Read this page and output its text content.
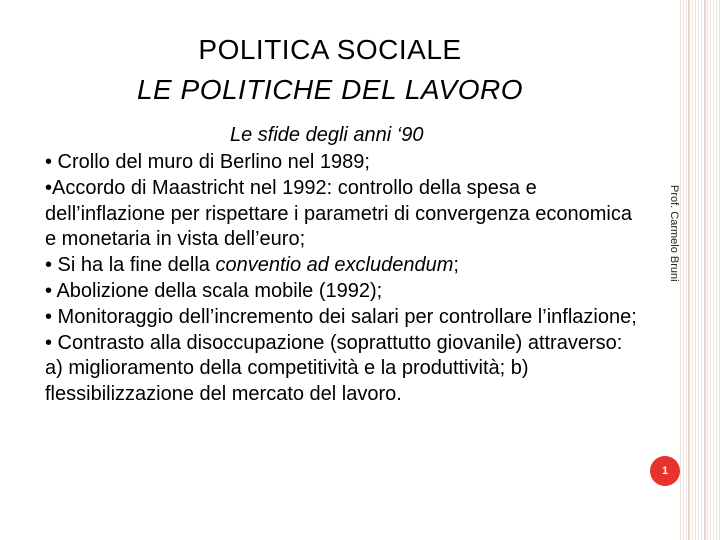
POLITICA SOCIALE
LE POLITICHE DEL LAVORO
Le sfide degli anni ‘90

• Crollo del muro di Berlino nel 1989;

•Accordo di Maastricht nel 1992: controllo della spesa e dell’inflazione per rispettare i parametri di convergenza economica e monetaria in vista dell’euro;

• Si ha la fine della conventio ad excludendum;

• Abolizione della scala mobile (1992);

• Monitoraggio dell’incremento dei salari per controllare l’inflazione;

• Contrasto alla disoccupazione (soprattutto giovanile) attraverso: a) miglioramento della competitività e la produttività; b) flessibilizzazione del mercato del lavoro.

Prof. Carmelo Bruni
1
